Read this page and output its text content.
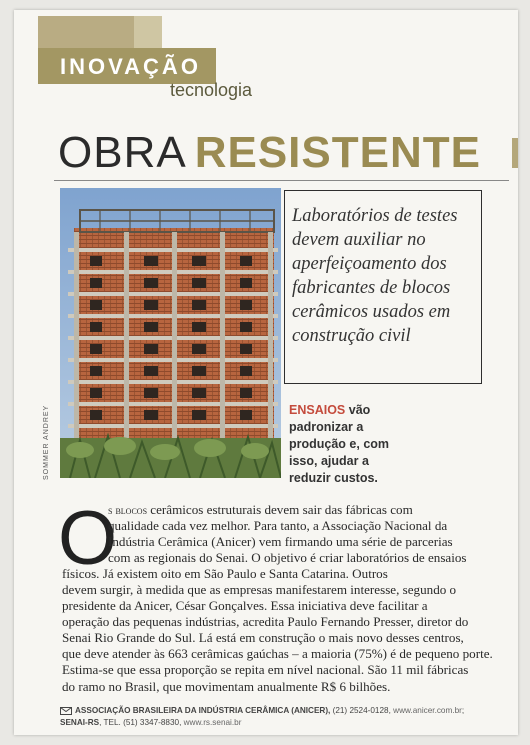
INOVAÇÃO
tecnologia
OBRA RESISTENTE
SOMMER ANDREY
Laboratórios de testes devem auxiliar no aperfeiçoamento dos fabricantes de blocos cerâmicos usados em construção civil
ENSAIOS vão padronizar a produção e, com isso, ajudar a reduzir custos.
O
s blocos cerâmicos estruturais devem sair das fábricas com
qualidade cada vez melhor. Para tanto, a Associação Nacional da
Indústria Cerâmica (Anicer) vem firmando uma série de parcerias
com as regionais do Senai. O objetivo é criar laboratórios de ensaios
físicos. Já existem oito em São Paulo e Santa Catarina. Outros
devem surgir, à medida que as empresas manifestarem interesse, segundo o
presidente da Anicer, César Gonçalves. Essa iniciativa deve facilitar a
operação das pequenas indústrias, acredita Paulo Fernando Presser, diretor do
Senai Rio Grande do Sul. Lá está em construção o mais novo desses centros,
que deve atender às 663 cerâmicas gaúchas – a maioria (75%) é de pequeno porte.
Estima-se que essa proporção se repita em nível nacional. São 11 mil fábricas
do ramo no Brasil, que movimentam anualmente R$ 6 bilhões.
ASSOCIAÇÃO BRASILEIRA DA INDÚSTRIA CERÂMICA (ANICER), (21) 2524-0128, www.anicer.com.br;
SENAI-RS, TEL. (51) 3347-8830, www.rs.senai.br
